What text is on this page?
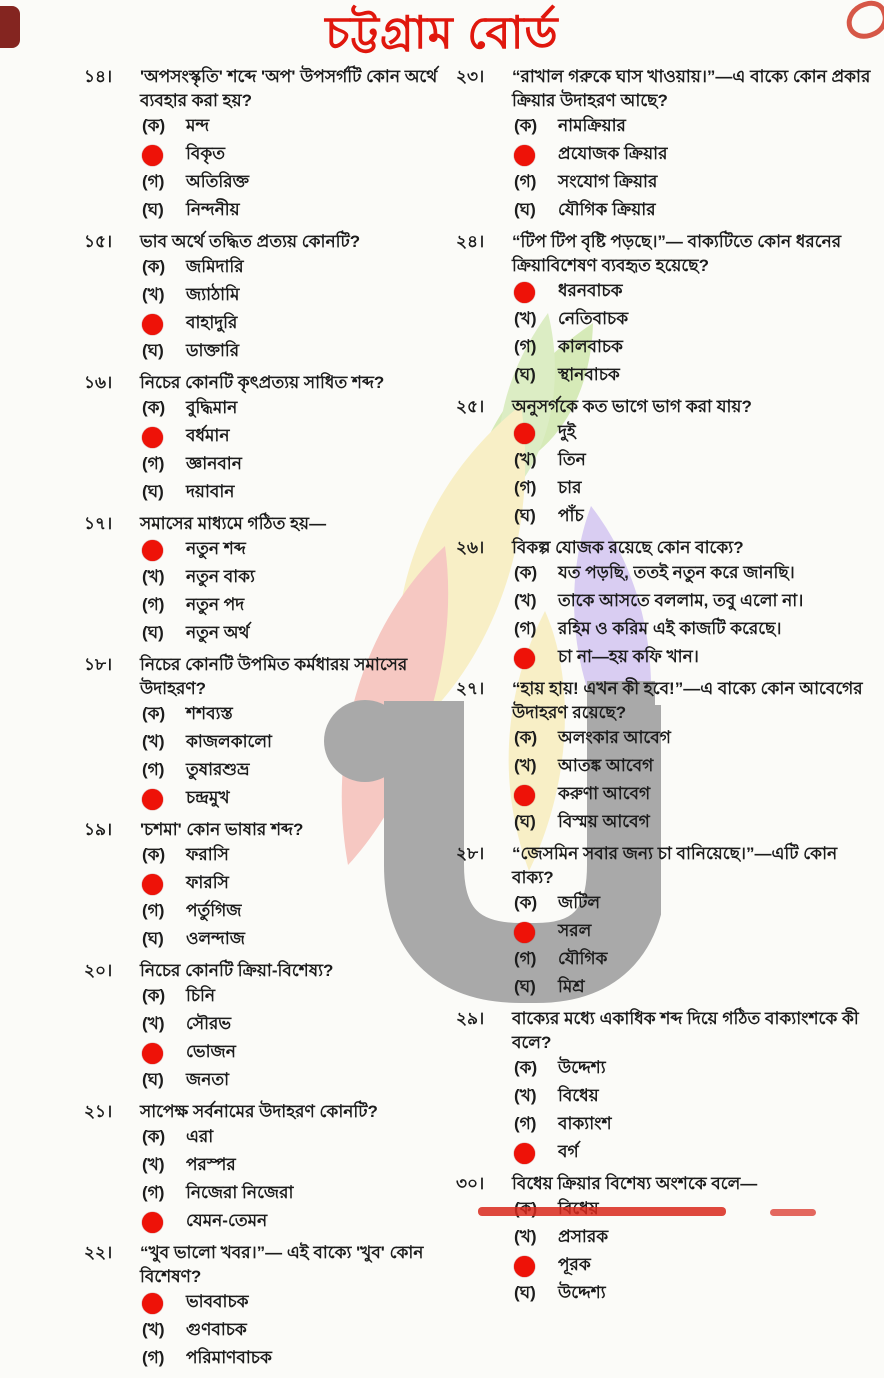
চট্টগ্রাম বোর্ড
১৪।	'অপসংস্কৃতি' শব্দে 'অপ' উপসর্গটি কোন অর্থে ব্যবহার করা হয়?
(ক)	মন্দ
বিকৃত
(গ)	অতিরিক্ত
(ঘ)	নিন্দনীয়
১৫।	ভাব অর্থে তদ্ধিত প্রত্যয় কোনটি?
(ক)	জমিদারি
(খ)	জ্যাঠামি
বাহাদুরি
(ঘ)	ডাক্তারি
১৬।	নিচের কোনটি কৃৎপ্রত্যয় সাধিত শব্দ?
(ক)	বুদ্ধিমান
বর্ধমান
(গ)	জ্ঞানবান
(ঘ)	দয়াবান
১৭।	সমাসের মাধ্যমে গঠিত হয়—
নতুন শব্দ
(খ)	নতুন বাক্য
(গ)	নতুন পদ
(ঘ)	নতুন অর্থ
১৮।	নিচের কোনটি উপমিত কর্মধারয় সমাসের উদাহরণ?
(ক)	শশব্যস্ত
(খ)	কাজলকালো
(গ)	তুষারশুভ্র
চন্দ্রমুখ
১৯।	'চশমা' কোন ভাষার শব্দ?
(ক)	ফরাসি
ফারসি
(গ)	পর্তুগিজ
(ঘ)	ওলন্দাজ
২০।	নিচের কোনটি ক্রিয়া-বিশেষ্য?
(ক)	চিনি
(খ)	সৌরভ
ভোজন
(ঘ)	জনতা
২১।	সাপেক্ষ সর্বনামের উদাহরণ কোনটি?
(ক)	এরা
(খ)	পরস্পর
(গ)	নিজেরা নিজেরা
যেমন-তেমন
২২।	“খুব ভালো খবর।”— এই বাক্যে 'খুব' কোন বিশেষণ?
ভাববাচক
(খ)	গুণবাচক
(গ)	পরিমাণবাচক
২৩।	“রাখাল গরুকে ঘাস খাওয়ায়।”—এ বাক্যে কোন প্রকার ক্রিয়ার উদাহরণ আছে?
(ক)	নামক্রিয়ার
প্রযোজক ক্রিয়ার
(গ)	সংযোগ ক্রিয়ার
(ঘ)	যৌগিক ক্রিয়ার
২৪।	“টিপ টিপ বৃষ্টি পড়ছে।”— বাক্যটিতে কোন ধরনের ক্রিয়াবিশেষণ ব্যবহৃত হয়েছে?
ধরনবাচক
(খ)	নেতিবাচক
(গ)	কালবাচক
(ঘ)	স্থানবাচক
২৫।	অনুসর্গকে কত ভাগে ভাগ করা যায়?
দুই
(খ)	তিন
(গ)	চার
(ঘ)	পাঁচ
২৬।	বিকল্প যোজক রয়েছে কোন বাক্যে?
(ক)	যত পড়ছি, ততই নতুন করে জানছি।
(খ)	তাকে আসতে বললাম, তবু এলো না।
(গ)	রহিম ও করিম এই কাজটি করেছে।
চা না—হয় কফি খান।
২৭।	“হায় হায়! এখন কী হবে!”—এ বাক্যে কোন আবেগের উদাহরণ রয়েছে?
(ক)	অলংকার আবেগ
(খ)	আতঙ্ক আবেগ
করুণা আবেগ
(ঘ)	বিস্ময় আবেগ
২৮।	“জেসমিন সবার জন্য চা বানিয়েছে।”—এটি কোন বাক্য?
(ক)	জটিল
সরল
(গ)	যৌগিক
(ঘ)	মিশ্র
২৯।	বাক্যের মধ্যে একাধিক শব্দ দিয়ে গঠিত বাক্যাংশকে কী বলে?
(ক)	উদ্দেশ্য
(খ)	বিধেয়
(গ)	বাক্যাংশ
বর্গ
৩০।	বিধেয় ক্রিয়ার বিশেষ্য অংশকে বলে—
(খ)	প্রসারক
পূরক
(ঘ)	উদ্দেশ্য
